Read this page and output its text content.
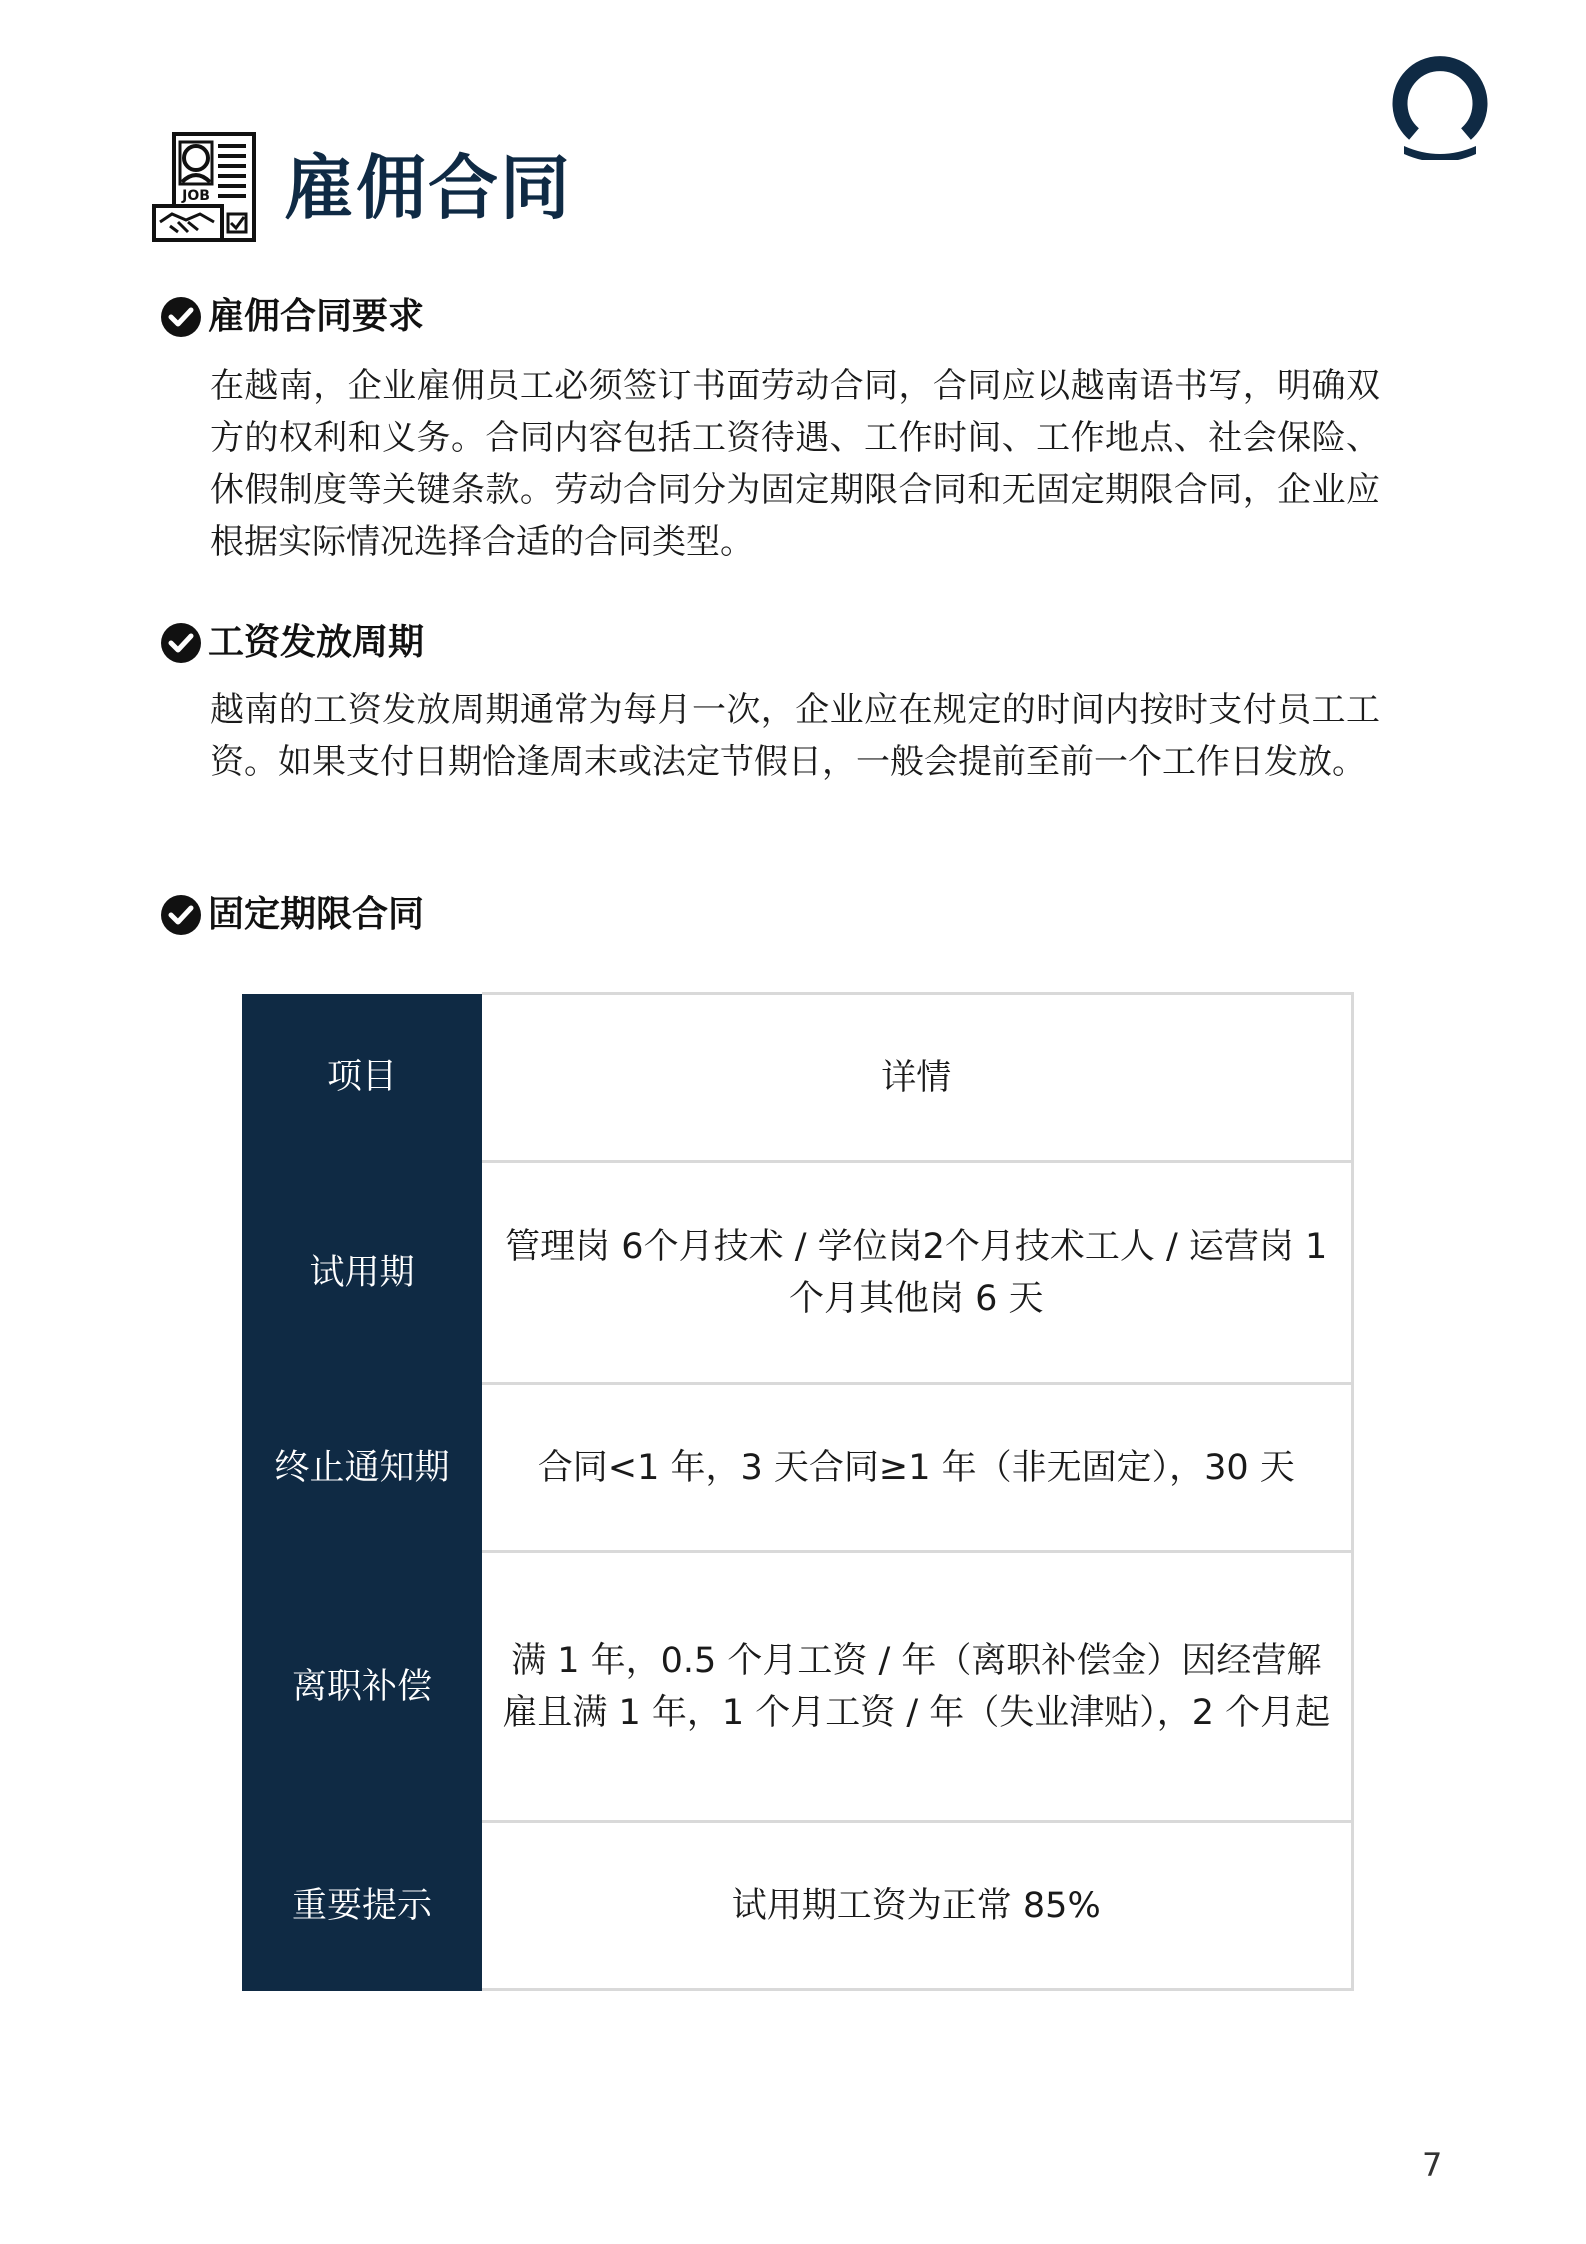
JOB 雇佣合同
雇佣合同要求

在越南，企业雇佣员工必须签订书面劳动合同，合同应以越南语书写，明确双方的权利和义务。合同内容包括工资待遇、工作时间、工作地点、社会保险、休假制度等关键条款。劳动合同分为固定期限合同和无固定期限合同，企业应根据实际情况选择合适的合同类型。

工资发放周期

越南的工资发放周期通常为每月一次，企业应在规定的时间内按时支付员工工资。如果支付日期恰逢周末或法定节假日，一般会提前至前一个工作日发放。

固定期限合同
项目	详情
试用期	管理岗 6个月技术 / 学位岗2个月技术工人 / 运营岗 1个月其他岗 6 天
终止通知期	合同<1 年，3 天合同≥1 年（非无固定），30 天
离职补偿	满 1 年，0.5 个月工资 / 年（离职补偿金）因经营解雇且满 1 年，1 个月工资 / 年（失业津贴），2 个月起
重要提示	试用期工资为正常 85%
7
